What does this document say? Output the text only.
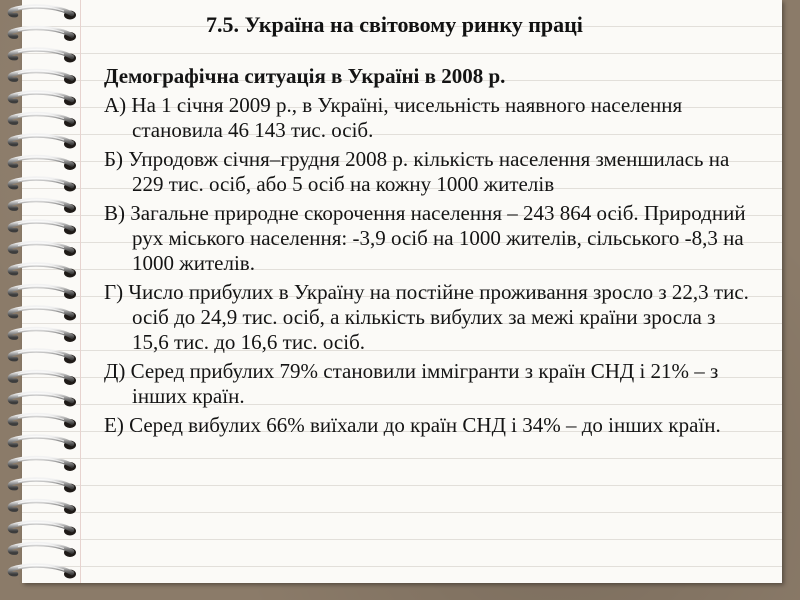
7.5. Україна на світовому ринку праці

Демографічна ситуація в Україні в 2008 р.

А) На 1 січня 2009 р., в Україні, чисельність наявного населення становила 46 143 тис. осіб.

Б) Упродовж січня–грудня 2008 р. кількість населення зменшилась на 229 тис. осіб, або 5 осіб на кожну 1000 жителів

В) Загальне природне скорочення населення – 243 864 осіб. Природний рух міського населення: -3,9 осіб на 1000 жителів, сільського -8,3 на 1000 жителів.

Г) Число прибулих в Україну на постійне проживання зросло з 22,3 тис. осіб до 24,9 тис. осіб, а кількість вибулих за межі країни зросла з 15,6 тис. до 16,6 тис. осіб.

Д) Серед прибулих 79% становили іммігранти з країн СНД і 21% – з інших країн.

Е) Серед вибулих 66% виїхали до країн СНД і 34% – до інших країн.
